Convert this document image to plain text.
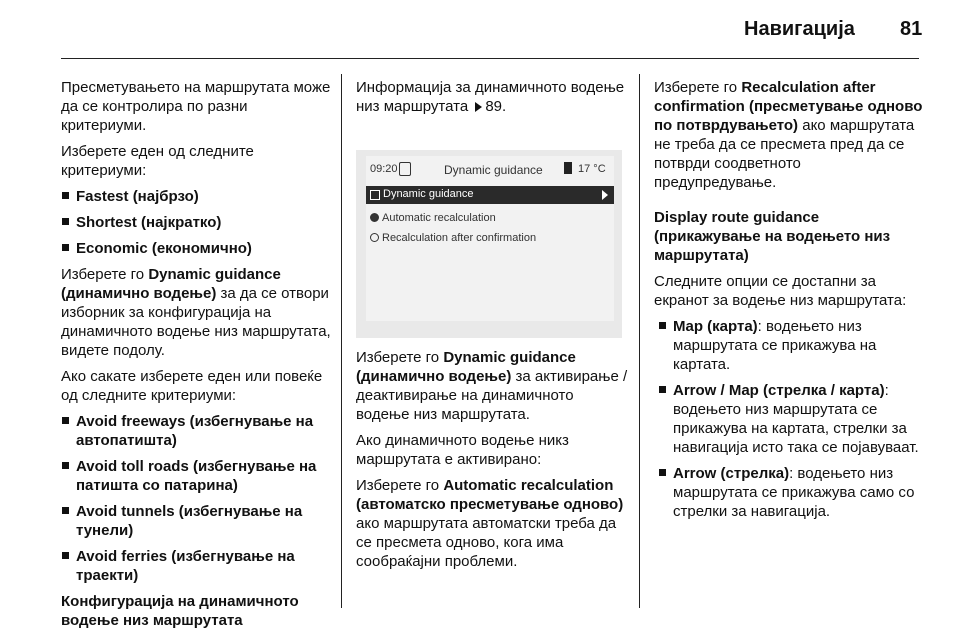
Навигација 81

Пресметувањето на маршрутата може да се контролира по разни критериуми.

Изберете еден од следните критериуми:

Fastest (најбрзо)
Shortest (најкратко)
Economic (економично)

Изберете го Dynamic guidance (динамично водење) за да се отвори изборник за конфигурација на динамичното водење низ маршрутата, видете подолу.

Ако сакате изберете еден или повеќе од следните критериуми:

Avoid freeways (избегнување на автопатишта)
Avoid toll roads (избегнување на патишта со патарина)
Avoid tunnels (избегнување на тунели)
Avoid ferries (избегнување на траекти)

Конфигурација на динамичното водење низ маршрутата

Информација за динамичното водење низ маршрутата 89.

09:20	Dynamic guidance	17 °C
Dynamic guidance
Automatic recalculation
Recalculation after confirmation

Изберете го Dynamic guidance (динамично водење) за активирање /деактивирање на динамичното водење низ маршрутата.

Ако динамичното водење никз маршрутата е активирано:

Изберете го Automatic recalculation (автоматско пресметување одново) ако маршрутата автоматски треба да се пресмета одново, кога има сообраќајни проблеми.

Изберете го Recalculation after confirmation (пресметување одново по потврдувањето) ако маршрутата не треба да се пресмета пред да се потврди соодветното предупредување.

Display route guidance (прикажување на водењето низ маршрутата)

Следните опции се достапни за екранот за водење низ маршрутата:

Map (карта): водењето низ маршрутата се прикажува на картата.
Arrow / Map (стрелка / карта): водењето низ маршрутата се прикажува на картата, стрелки за навигација исто така се појавуваат.
Arrow (стрелка): водењето низ маршрутата се прикажува само со стрелки за навигација.
